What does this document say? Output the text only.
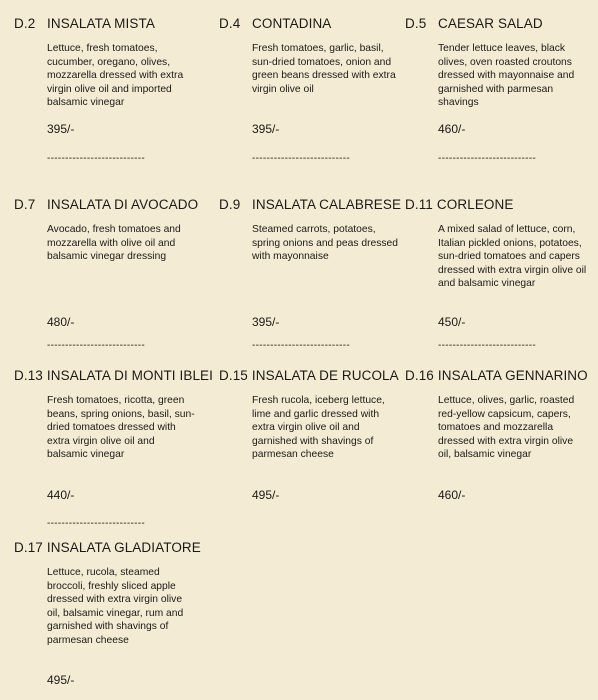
D.2 INSALATA MISTA

Lettuce, fresh tomatoes, cucumber, oregano, olives, mozzarella dressed with extra virgin olive oil and imported balsamic vinegar

395/-
---------------------------
D.4 CONTADINA

Fresh tomatoes, garlic, basil, sun-dried tomatoes, onion and green beans dressed with extra virgin olive oil

395/-
---------------------------
D.5 CAESAR SALAD

Tender lettuce leaves, black olives, oven roasted croutons dressed with mayonnaise and garnished with parmesan shavings

460/-
---------------------------
D.7 INSALATA DI AVOCADO

Avocado, fresh tomatoes and mozzarella with olive oil and balsamic vinegar dressing

480/-
---------------------------
D.9 INSALATA CALABRESE

Steamed carrots, potatoes, spring onions and peas dressed with mayonnaise

395/-
---------------------------
D.11 CORLEONE

A mixed salad of lettuce, corn, Italian pickled onions, potatoes, sun-dried tomatoes and capers dressed with extra virgin olive oil and balsamic vinegar

450/-
---------------------------
D.13 INSALATA DI MONTI IBLEI

Fresh tomatoes, ricotta, green beans, spring onions, basil, sun-dried tomatoes dressed with extra virgin olive oil and balsamic vinegar

440/-
---------------------------
D.15 INSALATA DE RUCOLA

Fresh rucola, iceberg lettuce, lime and garlic dressed with extra virgin olive oil and garnished with shavings of parmesan cheese

495/-
D.16 INSALATA GENNARINO

Lettuce, olives, garlic, roasted red-yellow capsicum, capers, tomatoes and mozzarella dressed with extra virgin olive oil, balsamic vinegar

460/-
D.17 INSALATA GLADIATORE

Lettuce, rucola, steamed broccoli, freshly sliced apple dressed with extra virgin olive oil, balsamic vinegar, rum and garnished with shavings of parmesan cheese

495/-
